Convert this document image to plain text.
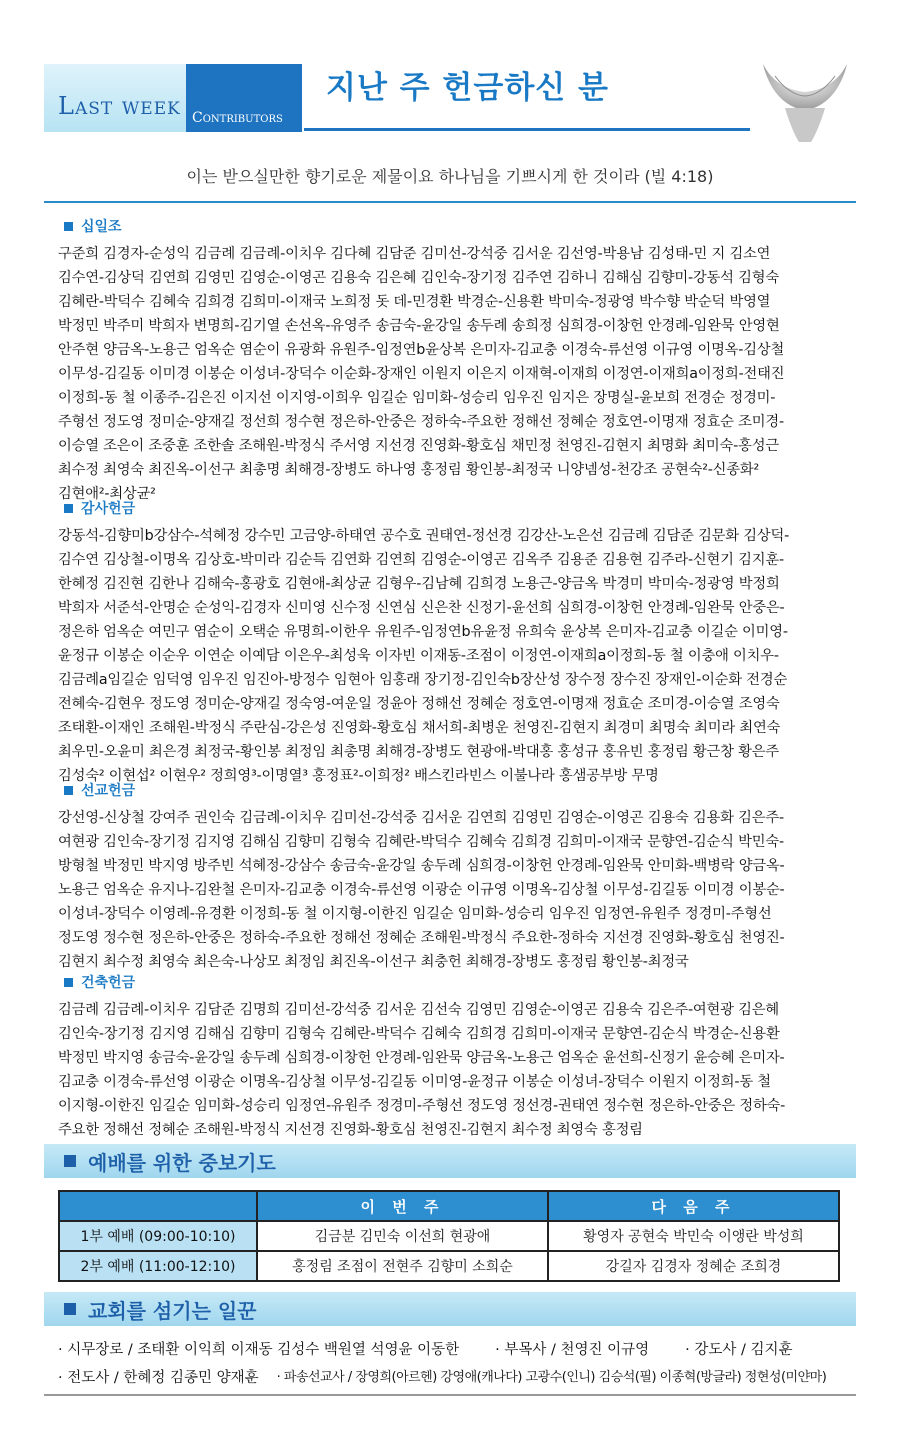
Last week Contributors
지난 주 헌금하신 분
이는 받으실만한 향기로운 제물이요 하나님을 기쁘시게 한 것이라 (빌 4:18)
십일조
구준희 김경자-순성익 김금례 김금례-이치우 김다혜 김담준 김미선-강석중 김서운 김선영-박용남 김성태-민 지 김소연
김수연-김상덕 김연희 김영민 김영순-이영곤 김용숙 김은혜 김인숙-장기정 김주연 김하니 김해심 김향미-강동석 김형숙
김혜란-박덕수 김혜숙 김희경 김희미-이재국 노희정 돗 데-민경환 박경순-신용환 박미숙-정광영 박수향 박순덕 박영열
박정민 박주미 박희자 변명희-김기열 손선옥-유영주 송금숙-윤강일 송두례 송희정 심희경-이창헌 안경례-임완묵 안영현
안주현 양금옥-노용근 엄옥순 염순이 유광화 유원주-임정연b윤상복 은미자-김교충 이경숙-류선영 이규영 이명옥-김상철
이무성-김길동 이미경 이봉순 이성녀-장덕수 이순화-장재인 이원지 이은지 이재혁-이재희 이정연-이재희a이정희-전태진
이정희-동 철 이종주-김은진 이지선 이지영-이희우 임길순 임미화-성승리 임우진 임지은 장명실-윤보희 전경순 정경미-
주형선 정도영 정미순-양재길 정선희 정수현 정은하-안중은 정하숙-주요한 정해선 정혜순 정호연-이명재 정효순 조미경-
이승열 조은이 조중훈 조한솔 조해원-박정식 주서영 지선경 진영화-황호심 채민정 천영진-김현지 최명화 최미숙-홍성근
최수정 최영숙 최진옥-이선구 최총명 최해경-장병도 하나영 홍정림 황인봉-최정국 니양넴성-천강조 공현숙²-신종화²
김현애²-최상균²
감사헌금
강동석-김향미b강삼수-석혜정 강수민 고금양-하태연 공수호 권태연-정선경 김강산-노은선 김금례 김담준 김문화 김상덕-
김수연 김상철-이명옥 김상호-박미라 김순득 김연화 김연희 김영순-이영곤 김옥주 김용준 김용현 김주라-신현기 김지훈-
한혜정 김진현 김한나 김해숙-홍광호 김현애-최상균 김형우-김남혜 김희경 노용근-양금옥 박경미 박미숙-정광영 박정희
박희자 서준석-안명순 순성익-김경자 신미영 신수정 신연심 신은찬 신정기-윤선희 심희경-이창헌 안경례-임완묵 안중은-
정은하 엄옥순 여민구 염순이 오택순 유명희-이한우 유원주-임정연b유윤정 유희숙 윤상복 은미자-김교충 이길순 이미영-
윤정규 이봉순 이순우 이연순 이예담 이은우-최성욱 이자빈 이재동-조점이 이정연-이재희a이정희-동 철 이충애 이치우-
김금례a임길순 임덕영 임우진 임진아-방정수 임현아 임홍래 장기정-김인숙b장산성 장수정 장수진 장재인-이순화 전경순
전혜숙-김현우 정도영 정미순-양재길 정숙영-여운일 정윤아 정해선 정혜순 정호연-이명재 정효순 조미경-이승열 조영숙
조태환-이재인 조해원-박정식 주란심-강은성 진영화-황호심 채서희-최병운 천영진-김현지 최경미 최명숙 최미라 최연숙
최우민-오윤미 최은경 최정국-황인봉 최정임 최총명 최해경-장병도 현광애-박대홍 홍성규 홍유빈 홍정림 황근창 황은주
김성숙² 이현섭² 이현우² 정희영³-이명열³ 홍정표²-이희정² 배스킨라빈스 이불나라 홍샘공부방 무명
선교헌금
강선영-신상철 강여주 권인숙 김금례-이치우 김미선-강석중 김서운 김연희 김영민 김영순-이영곤 김용숙 김용화 김은주-
여현광 김인숙-장기정 김지영 김해심 김향미 김형숙 김혜란-박덕수 김혜숙 김희경 김희미-이재국 문향연-김순식 박민숙-
방형철 박정민 박지영 방주빈 석혜정-강삼수 송금숙-윤강일 송두례 심희경-이창헌 안경례-임완묵 안미화-백병락 양금옥-
노용근 엄옥순 유지나-김완철 은미자-김교충 이경숙-류선영 이광순 이규영 이명옥-김상철 이무성-김길동 이미경 이봉순-
이성녀-장덕수 이영례-유경환 이정희-동 철 이지형-이한진 임길순 임미화-성승리 임우진 임정연-유원주 정경미-주형선
정도영 정수현 정은하-안중은 정하숙-주요한 정해선 정혜순 조해원-박정식 주요한-정하숙 지선경 진영화-황호심 천영진-
김현지 최수정 최영숙 최은숙-나상모 최정임 최진옥-이선구 최충헌 최해경-장병도 홍정림 황인봉-최정국
건축헌금
김금례 김금례-이치우 김담준 김명희 김미선-강석중 김서운 김선숙 김영민 김영순-이영곤 김용숙 김은주-여현광 김은혜
김인숙-장기정 김지영 김해심 김향미 김형숙 김혜란-박덕수 김혜숙 김희경 김희미-이재국 문향연-김순식 박경순-신용환
박정민 박지영 송금숙-윤강일 송두례 심희경-이창헌 안경례-임완묵 양금옥-노용근 엄옥순 윤선희-신정기 윤승혜 은미자-
김교충 이경숙-류선영 이광순 이명옥-김상철 이무성-김길동 이미영-윤정규 이봉순 이성녀-장덕수 이원지 이정희-동 철
이지형-이한진 임길순 임미화-성승리 임정연-유원주 정경미-주형선 정도영 정선경-권태연 정수현 정은하-안중은 정하숙-
주요한 정해선 정혜순 조해원-박정식 지선경 진영화-황호심 천영진-김현지 최수정 최영숙 홍정림
예배를 위한 중보기도
	이 번 주	다 음 주
1부 예배 (09:00-10:10)	김금분 김민숙 이선희 현광애	황영자 공현숙 박민숙 이앵란 박성희
2부 예배 (11:00-12:10)	홍정림 조점이 전현주 김향미 소희순	강길자 김경자 정혜순 조희경
교회를 섬기는 일꾼
· 시무장로 / 조태환 이익희 이재동 김성수 백원열 석영윤 이동한 · 부목사 / 천영진 이규영 · 강도사 / 김지훈
· 전도사 / 한혜정 김종민 양재훈 · 파송선교사 / 장영희(아르헨) 강영애(캐나다) 고광수(인니) 김승석(필) 이종혁(방글라) 정현성(미얀마)
